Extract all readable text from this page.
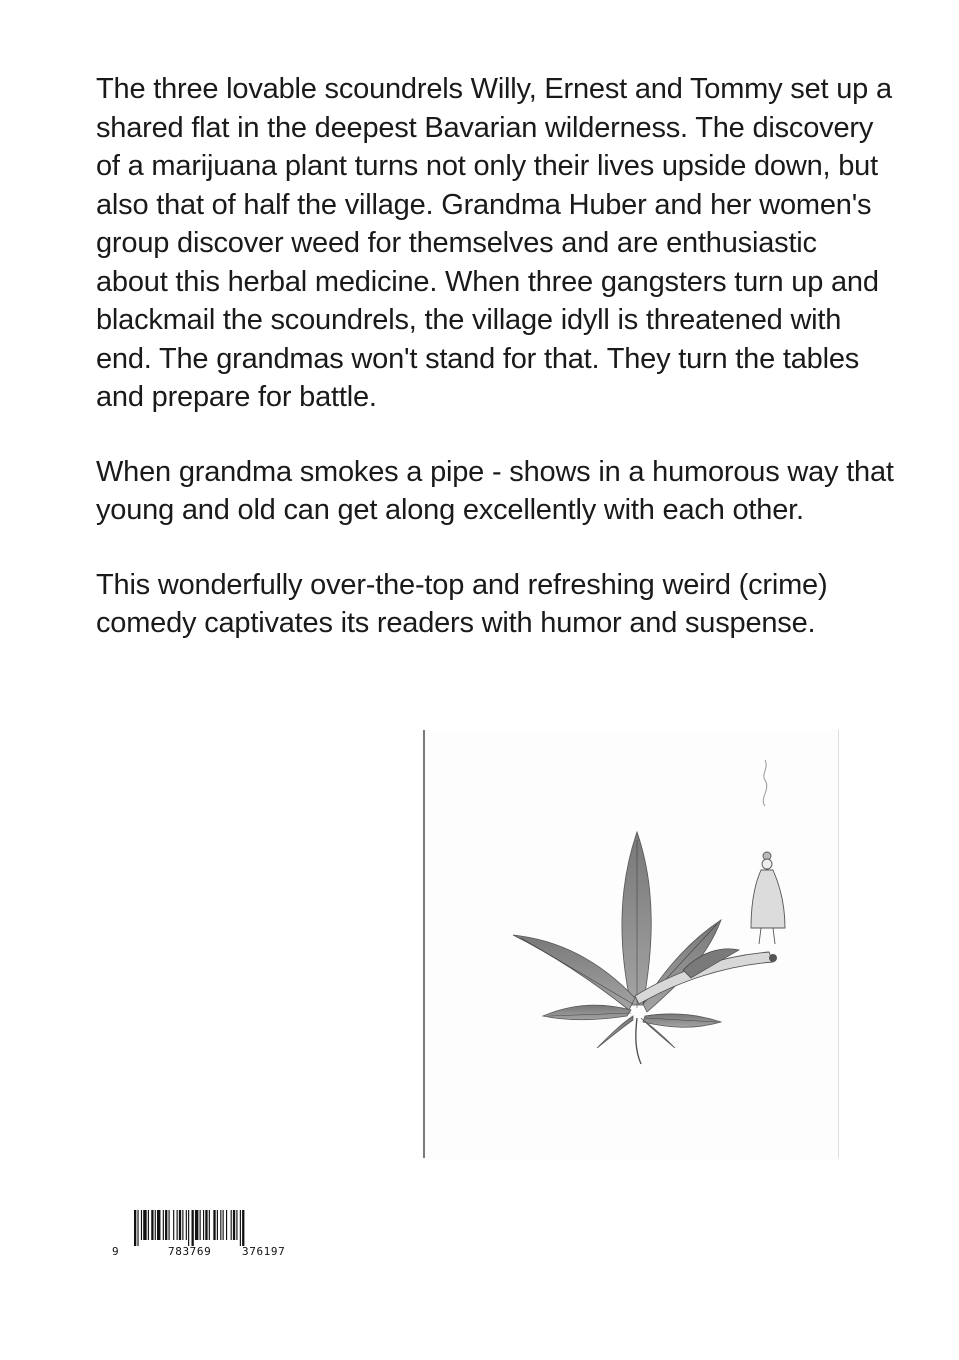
The three lovable scoundrels Willy, Ernest and Tommy set up a shared flat in the deepest Bavarian wilderness. The discovery of a marijuana plant turns not only their lives upside down, but also that of half the village. Grandma Huber and her women's group discover weed for themselves and are enthusiastic about this herbal medicine. When three gangsters turn up and blackmail the scoundrels, the village idyll is threatened with end. The grandmas won't stand for that. They turn the tables and prepare for battle.

When grandma smokes a pipe - shows in a humorous way that young and old can get along excellently with each other.

This wonderfully over-the-top and refreshing weird (crime) comedy captivates its readers with humor and suspense.

9	783769	376197
